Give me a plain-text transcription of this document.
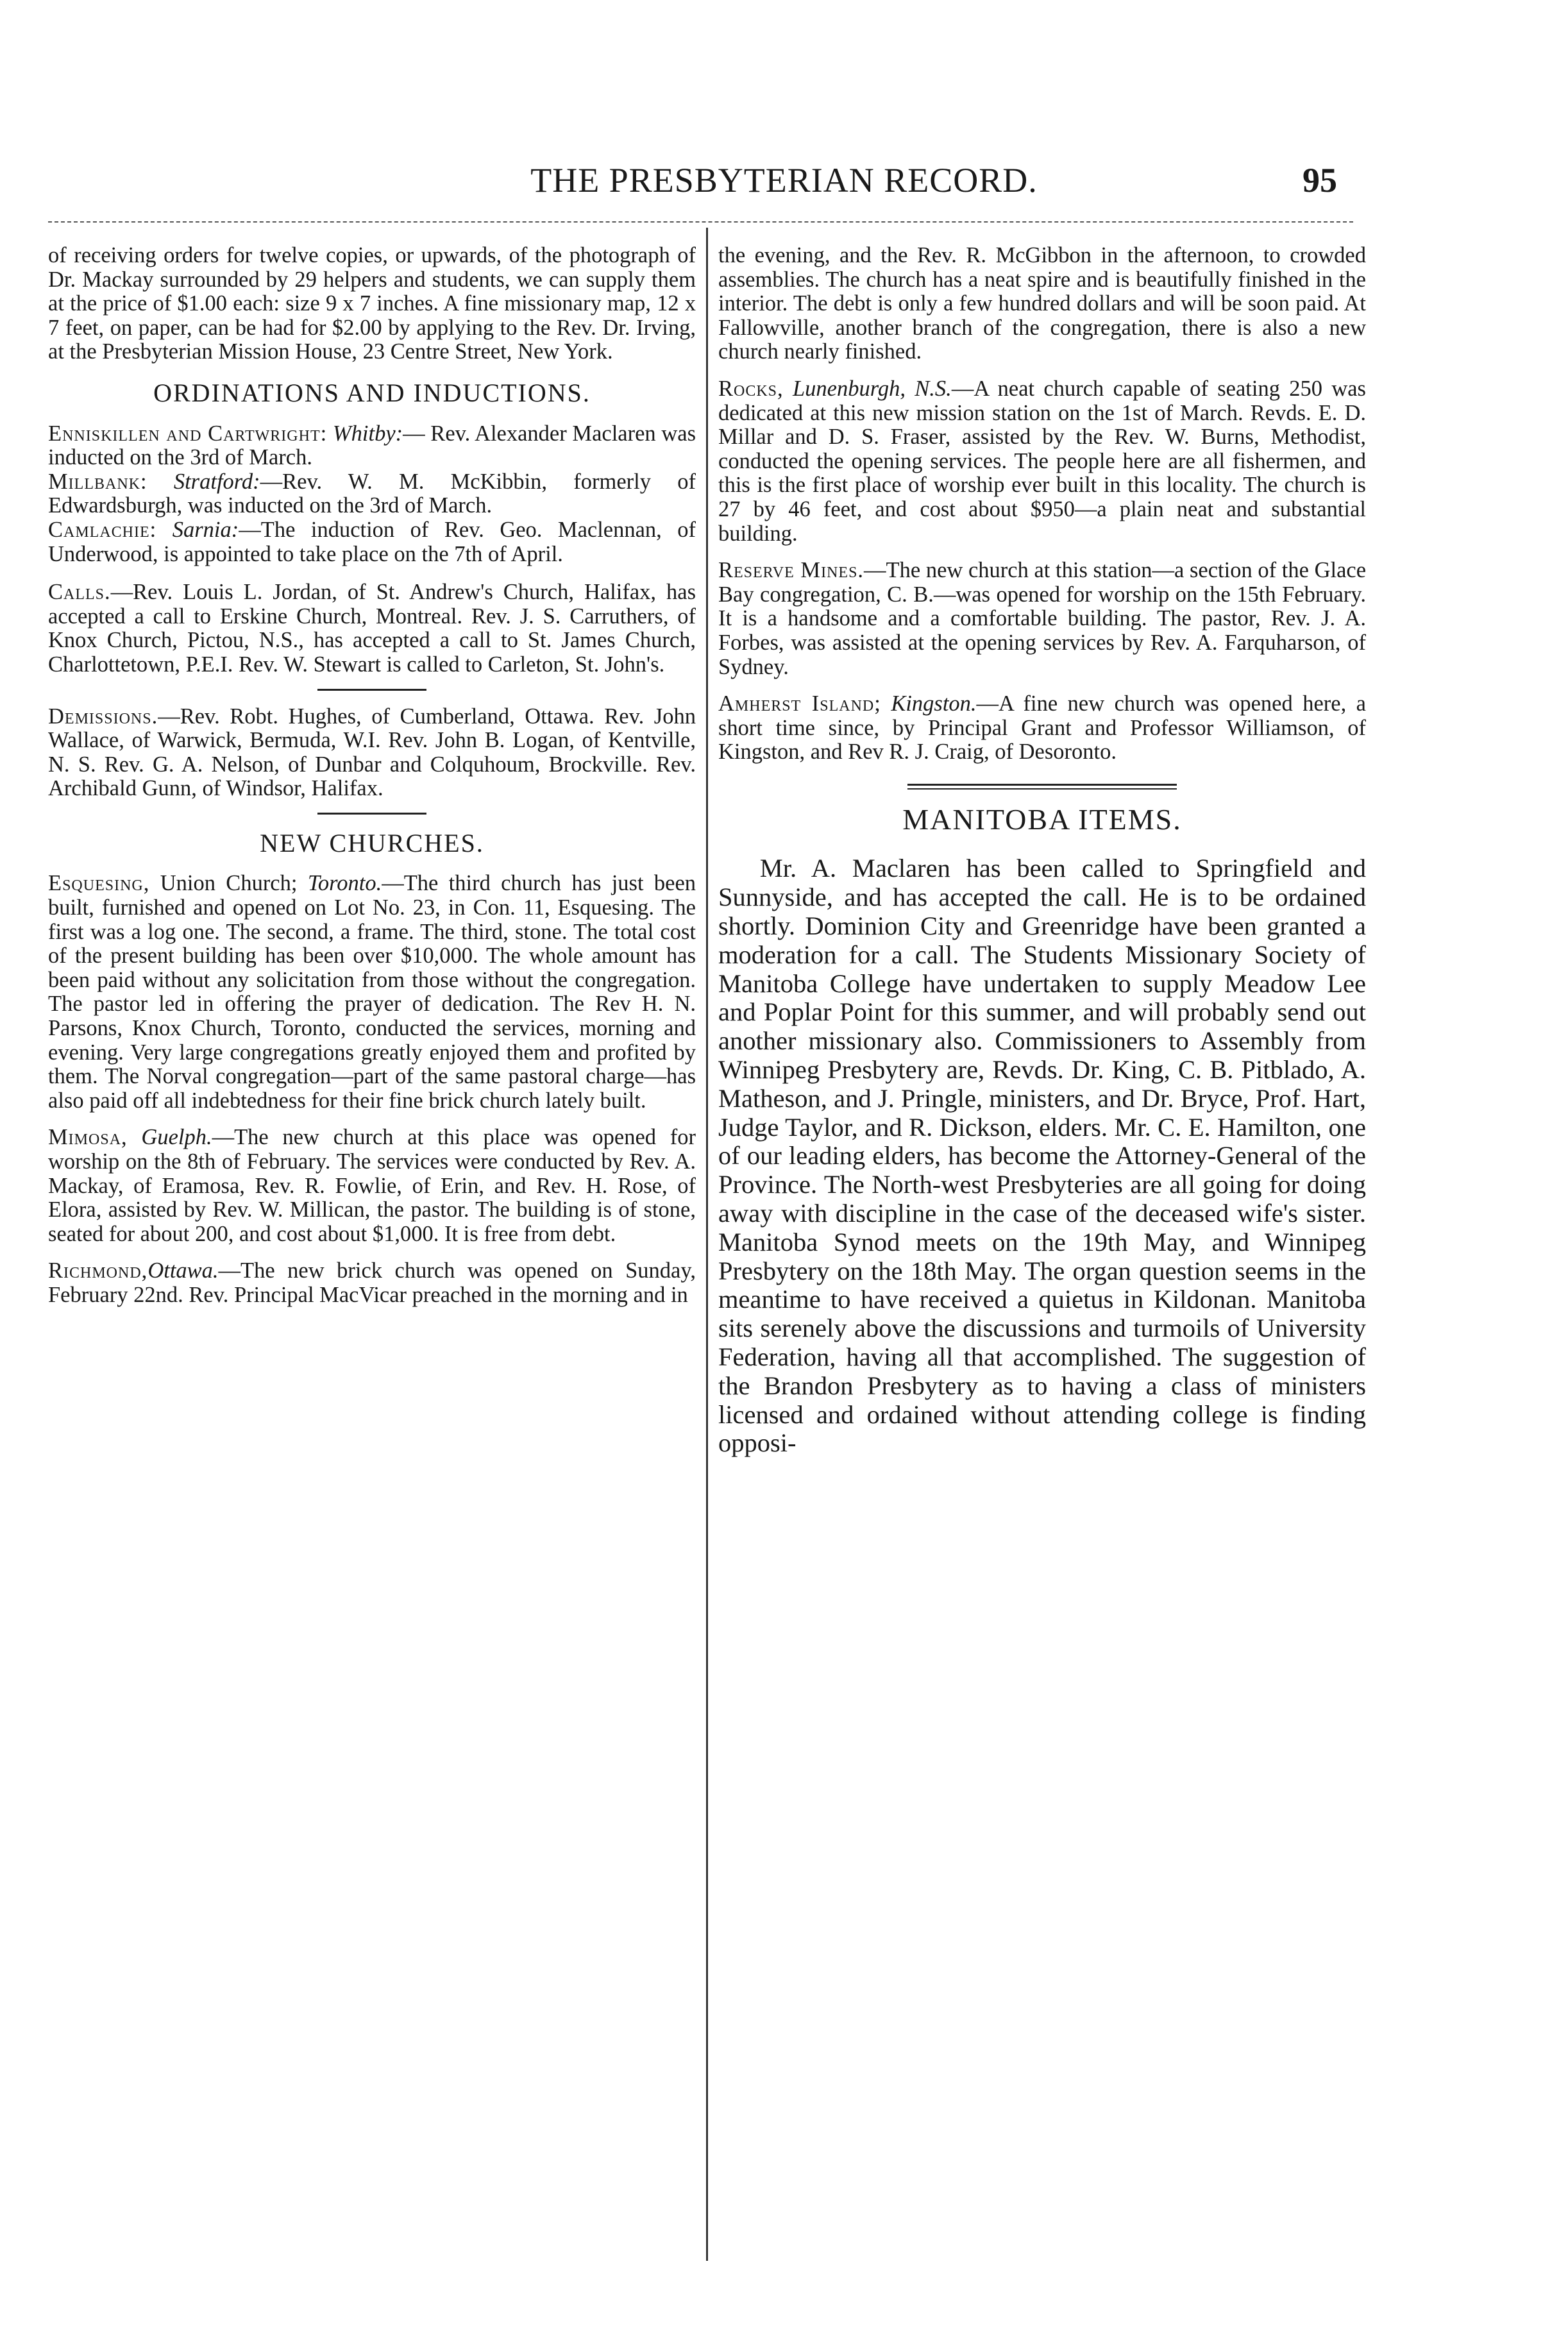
THE PRESBYTERIAN RECORD.	95

of receiving orders for twelve copies, or upwards, of the photograph of Dr. Mackay surrounded by 29 helpers and students, we can supply them at the price of $1.00 each: size 9 x 7 inches. A fine missionary map, 12 x 7 feet, on paper, can be had for $2.00 by applying to the Rev. Dr. Irving, at the Presbyterian Mission House, 23 Centre Street, New York.

ORDINATIONS AND INDUCTIONS.

Enniskillen and Cartwright: Whitby:— Rev. Alexander Maclaren was inducted on the 3rd of March.

Millbank: Stratford:—Rev. W. M. McKibbin, formerly of Edwardsburgh, was inducted on the 3rd of March.

Camlachie: Sarnia:—The induction of Rev. Geo. Maclennan, of Underwood, is appointed to take place on the 7th of April.

Calls.—Rev. Louis L. Jordan, of St. Andrew's Church, Halifax, has accepted a call to Erskine Church, Montreal. Rev. J. S. Carruthers, of Knox Church, Pictou, N.S., has accepted a call to St. James Church, Charlottetown, P.E.I. Rev. W. Stewart is called to Carleton, St. John's.

Demissions.—Rev. Robt. Hughes, of Cumberland, Ottawa. Rev. John Wallace, of Warwick, Bermuda, W.I. Rev. John B. Logan, of Kentville, N. S. Rev. G. A. Nelson, of Dunbar and Colquhoum, Brockville. Rev. Archibald Gunn, of Windsor, Halifax.

NEW CHURCHES.

Esquesing, Union Church; Toronto.—The third church has just been built, furnished and opened on Lot No. 23, in Con. 11, Esquesing. The first was a log one. The second, a frame. The third, stone. The total cost of the present building has been over $10,000. The whole amount has been paid without any solicitation from those without the congregation. The pastor led in offering the prayer of dedication. The Rev H. N. Parsons, Knox Church, Toronto, conducted the services, morning and evening. Very large congregations greatly enjoyed them and profited by them. The Norval congregation—part of the same pastoral charge—has also paid off all indebtedness for their fine brick church lately built.

Mimosa, Guelph.—The new church at this place was opened for worship on the 8th of February. The services were conducted by Rev. A. Mackay, of Eramosa, Rev. R. Fowlie, of Erin, and Rev. H. Rose, of Elora, assisted by Rev. W. Millican, the pastor. The building is of stone, seated for about 200, and cost about $1,000. It is free from debt.

Richmond,Ottawa.—The new brick church was opened on Sunday, February 22nd. Rev. Principal MacVicar preached in the morning and in

the evening, and the Rev. R. McGibbon in the afternoon, to crowded assemblies. The church has a neat spire and is beautifully finished in the interior. The debt is only a few hundred dollars and will be soon paid. At Fallowville, another branch of the congregation, there is also a new church nearly finished.

Rocks, Lunenburgh, N.S.—A neat church capable of seating 250 was dedicated at this new mission station on the 1st of March. Revds. E. D. Millar and D. S. Fraser, assisted by the Rev. W. Burns, Methodist, conducted the opening services. The people here are all fishermen, and this is the first place of worship ever built in this locality. The church is 27 by 46 feet, and cost about $950—a plain neat and substantial building.

Reserve Mines.—The new church at this station—a section of the Glace Bay congregation, C. B.—was opened for worship on the 15th February. It is a handsome and a comfortable building. The pastor, Rev. J. A. Forbes, was assisted at the opening services by Rev. A. Farquharson, of Sydney.

Amherst Island; Kingston.—A fine new church was opened here, a short time since, by Principal Grant and Professor Williamson, of Kingston, and Rev R. J. Craig, of Desoronto.

MANITOBA ITEMS.

Mr. A. Maclaren has been called to Springfield and Sunnyside, and has accepted the call. He is to be ordained shortly. Dominion City and Greenridge have been granted a moderation for a call. The Students Missionary Society of Manitoba College have undertaken to supply Meadow Lee and Poplar Point for this summer, and will probably send out another missionary also. Commissioners to Assembly from Winnipeg Presbytery are, Revds. Dr. King, C. B. Pitblado, A. Matheson, and J. Pringle, ministers, and Dr. Bryce, Prof. Hart, Judge Taylor, and R. Dickson, elders. Mr. C. E. Hamilton, one of our leading elders, has become the Attorney-General of the Province. The North-west Presbyteries are all going for doing away with discipline in the case of the deceased wife's sister. Manitoba Synod meets on the 19th May, and Winnipeg Presbytery on the 18th May. The organ question seems in the meantime to have received a quietus in Kildonan. Manitoba sits serenely above the discussions and turmoils of University Federation, having all that accomplished. The suggestion of the Brandon Presbytery as to having a class of ministers licensed and ordained without attending college is finding opposi-
